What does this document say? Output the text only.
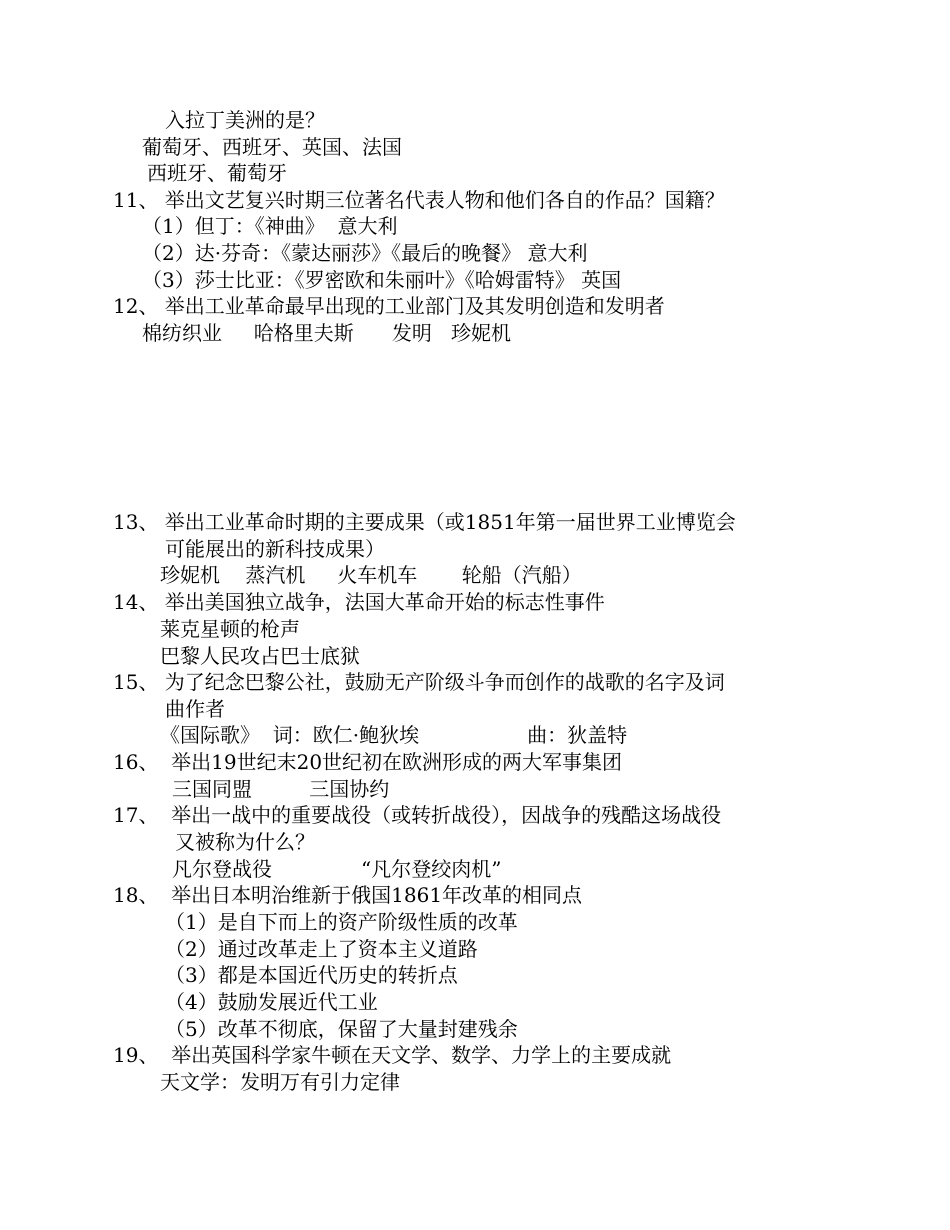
入拉丁美洲的是？
葡萄牙、西班牙、英国、法国
西班牙、葡萄牙
11、 举出文艺复兴时期三位著名代表人物和他们各自的作品？国籍？
（1）但丁：《神曲》  意大利
（2）达·芬奇：《蒙达丽莎》《最后的晚餐》 意大利
（3）莎士比亚：《罗密欧和朱丽叶》《哈姆雷特》 英国
12、 举出工业革命最早出现的工业部门及其发明创造和发明者
棉纺织业     哈格里夫斯      发明   珍妮机
13、 举出工业革命时期的主要成果（或1851年第一届世界工业博览会
可能展出的新科技成果）
珍妮机    蒸汽机     火车机车       轮船（汽船）
14、 举出美国独立战争，法国大革命开始的标志性事件
莱克星顿的枪声
巴黎人民攻占巴士底狱
15、 为了纪念巴黎公社，鼓励无产阶级斗争而创作的战歌的名字及词
曲作者
《国际歌》  词：欧仁·鲍狄埃                 曲：狄盖特
16、  举出19世纪末20世纪初在欧洲形成的两大军事集团
三国同盟         三国协约
17、  举出一战中的重要战役（或转折战役），因战争的残酷这场战役
又被称为什么？
凡尔登战役              “凡尔登绞肉机”
18、  举出日本明治维新于俄国1861年改革的相同点
（1）是自下而上的资产阶级性质的改革
（2）通过改革走上了资本主义道路
（3）都是本国近代历史的转折点
（4）鼓励发展近代工业
（5）改革不彻底，保留了大量封建残余
19、  举出英国科学家牛顿在天文学、数学、力学上的主要成就
天文学：发明万有引力定律
